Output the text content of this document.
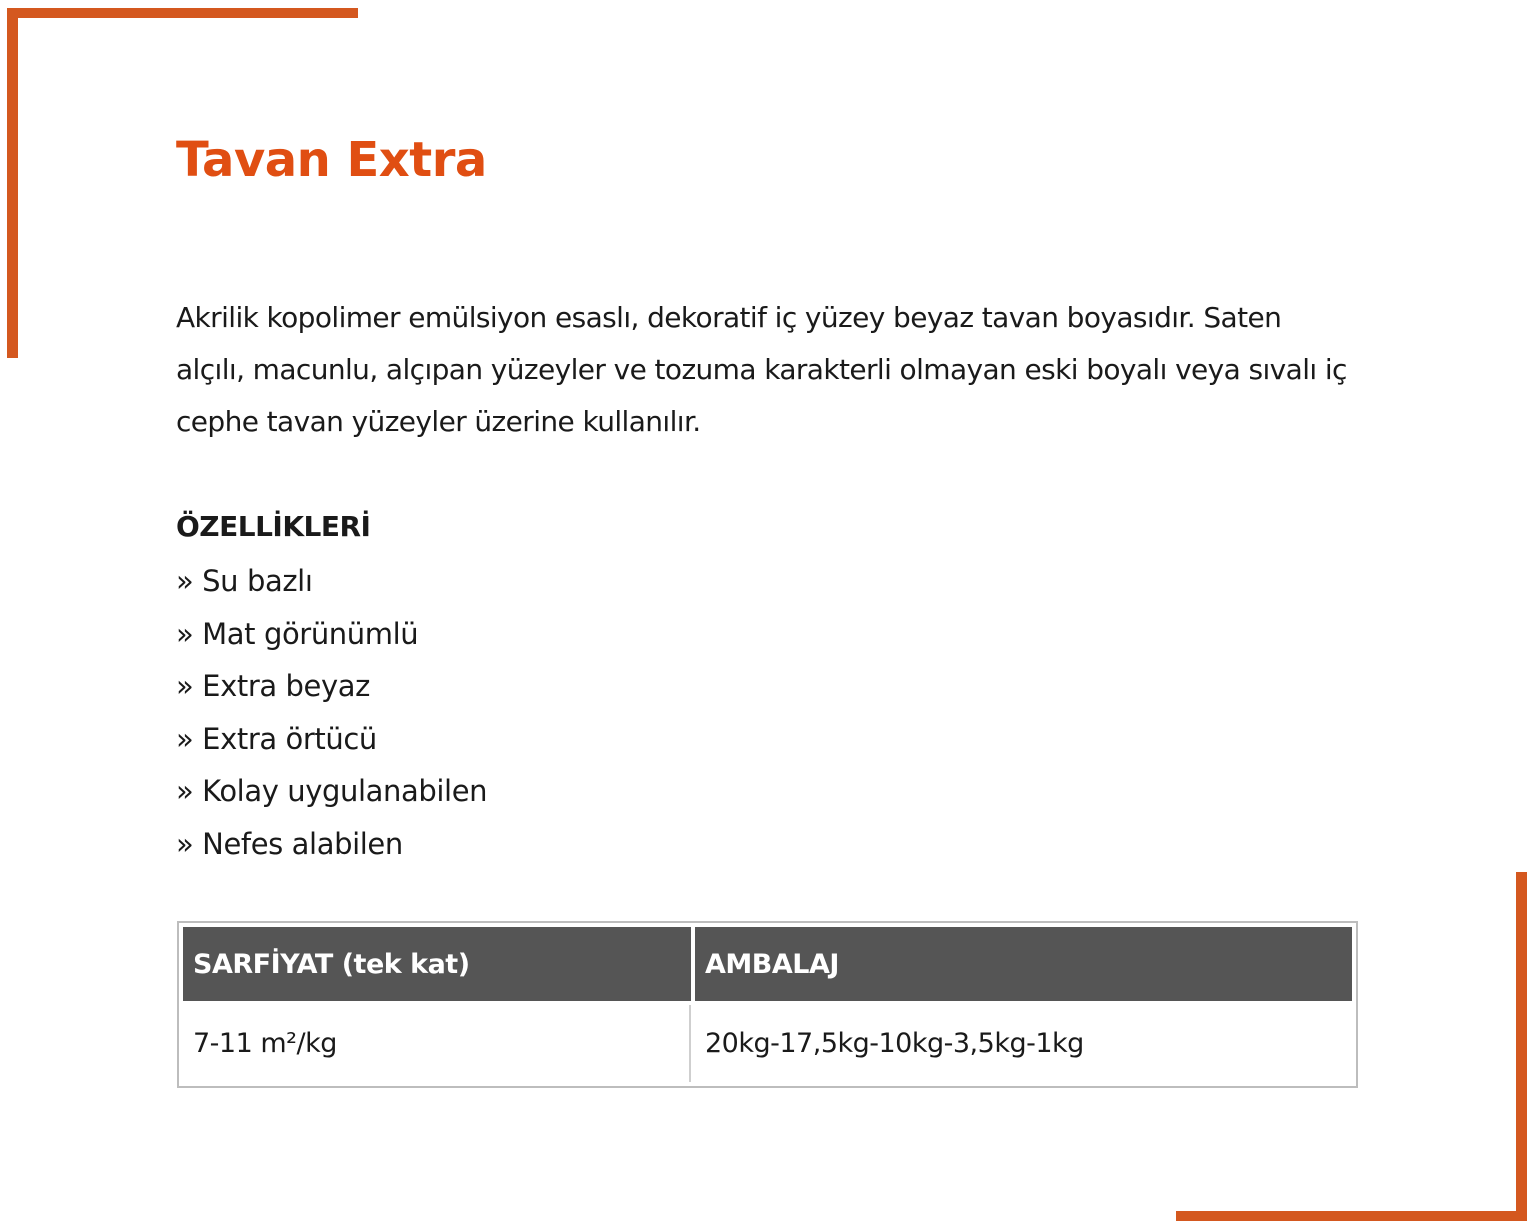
Tavan Extra

Akrilik kopolimer emülsiyon esaslı, dekoratif iç yüzey beyaz tavan boyasıdır. Saten alçılı, macunlu, alçıpan yüzeyler ve tozuma karakterli olmayan eski boyalı veya sıvalı iç cephe tavan yüzeyler üzerine kullanılır.

ÖZELLİKLERİ
» Su bazlı
» Mat görünümlü
» Extra beyaz
» Extra örtücü
» Kolay uygulanabilen
» Nefes alabilen
SARFİYAT (tek kat)	AMBALAJ
7-11 m²/kg	20kg-17,5kg-10kg-3,5kg-1kg
